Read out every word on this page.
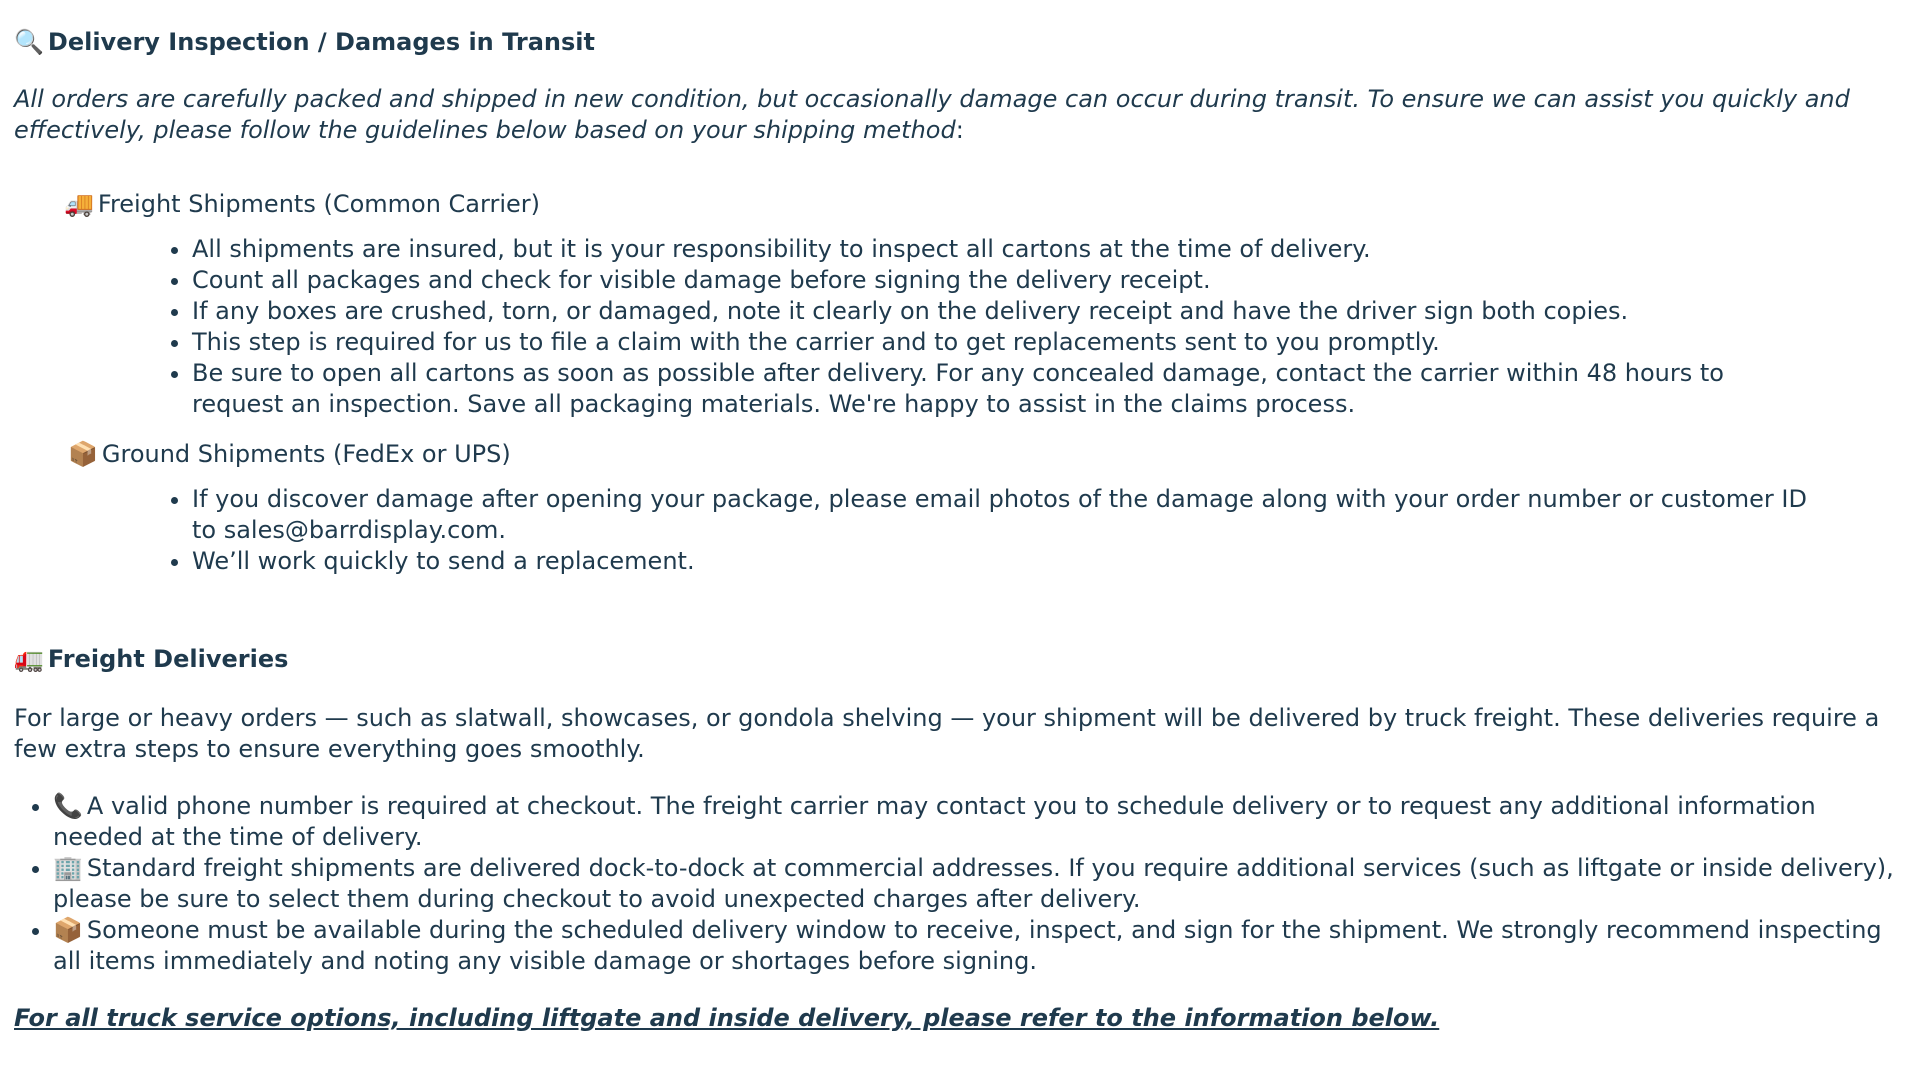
🔍 Delivery Inspection / Damages in Transit

All orders are carefully packed and shipped in new condition, but occasionally damage can occur during transit. To ensure we can assist you quickly and effectively, please follow the guidelines below based on your shipping method:

🚚 Freight Shipments (Common Carrier)
• All shipments are insured, but it is your responsibility to inspect all cartons at the time of delivery.
• Count all packages and check for visible damage before signing the delivery receipt.
• If any boxes are crushed, torn, or damaged, note it clearly on the delivery receipt and have the driver sign both copies.
• This step is required for us to file a claim with the carrier and to get replacements sent to you promptly.
• Be sure to open all cartons as soon as possible after delivery. For any concealed damage, contact the carrier within 48 hours to request an inspection. Save all packaging materials. We're happy to assist in the claims process.
📦 Ground Shipments (FedEx or UPS)
• If you discover damage after opening your package, please email photos of the damage along with your order number or customer ID to sales@barrdisplay.com.
• We’ll work quickly to send a replacement.
🚛 Freight Deliveries

For large or heavy orders — such as slatwall, showcases, or gondola shelving — your shipment will be delivered by truck freight. These deliveries require a few extra steps to ensure everything goes smoothly.

• 📞 A valid phone number is required at checkout. The freight carrier may contact you to schedule delivery or to request any additional information needed at the time of delivery.
• 🏢 Standard freight shipments are delivered dock-to-dock at commercial addresses. If you require additional services (such as liftgate or inside delivery), please be sure to select them during checkout to avoid unexpected charges after delivery.
• 📦 Someone must be available during the scheduled delivery window to receive, inspect, and sign for the shipment. We strongly recommend inspecting all items immediately and noting any visible damage or shortages before signing.

For all truck service options, including liftgate and inside delivery, please refer to the information below.
